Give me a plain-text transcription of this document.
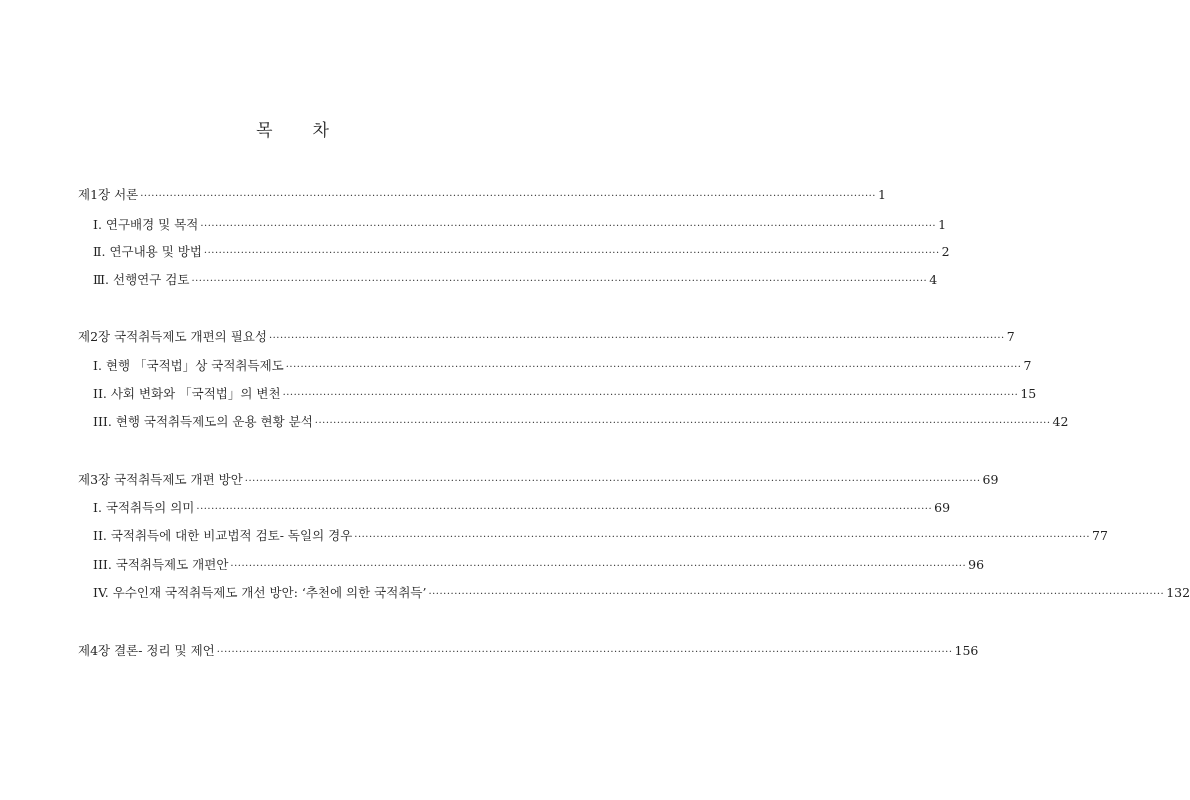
목 차
제1장 서론 ········································································································································································································ 1
Ⅰ. 연구배경 및 목적 ········································································································································································································ 1
Ⅱ. 연구내용 및 방법 ········································································································································································································ 2
Ⅲ. 선행연구 검토 ········································································································································································································ 4
제2장 국적취득제도 개편의 필요성 ········································································································································································································ 7
I. 현행 「국적법」상 국적취득제도 ········································································································································································································ 7
II. 사회 변화와 「국적법」의 변천 ········································································································································································································ 15
III. 현행 국적취득제도의 운용 현황 분석 ········································································································································································································ 42
제3장 국적취득제도 개편 방안 ········································································································································································································ 69
I. 국적취득의 의미 ········································································································································································································ 69
II. 국적취득에 대한 비교법적 검토- 독일의 경우 ········································································································································································································ 77
III. 국적취득제도 개편안 ········································································································································································································ 96
IV. 우수인재 국적취득제도 개선 방안: ‘추천에 의한 국적취득’ ········································································································································································································ 132
제4장 결론- 정리 및 제언 ········································································································································································································ 156
